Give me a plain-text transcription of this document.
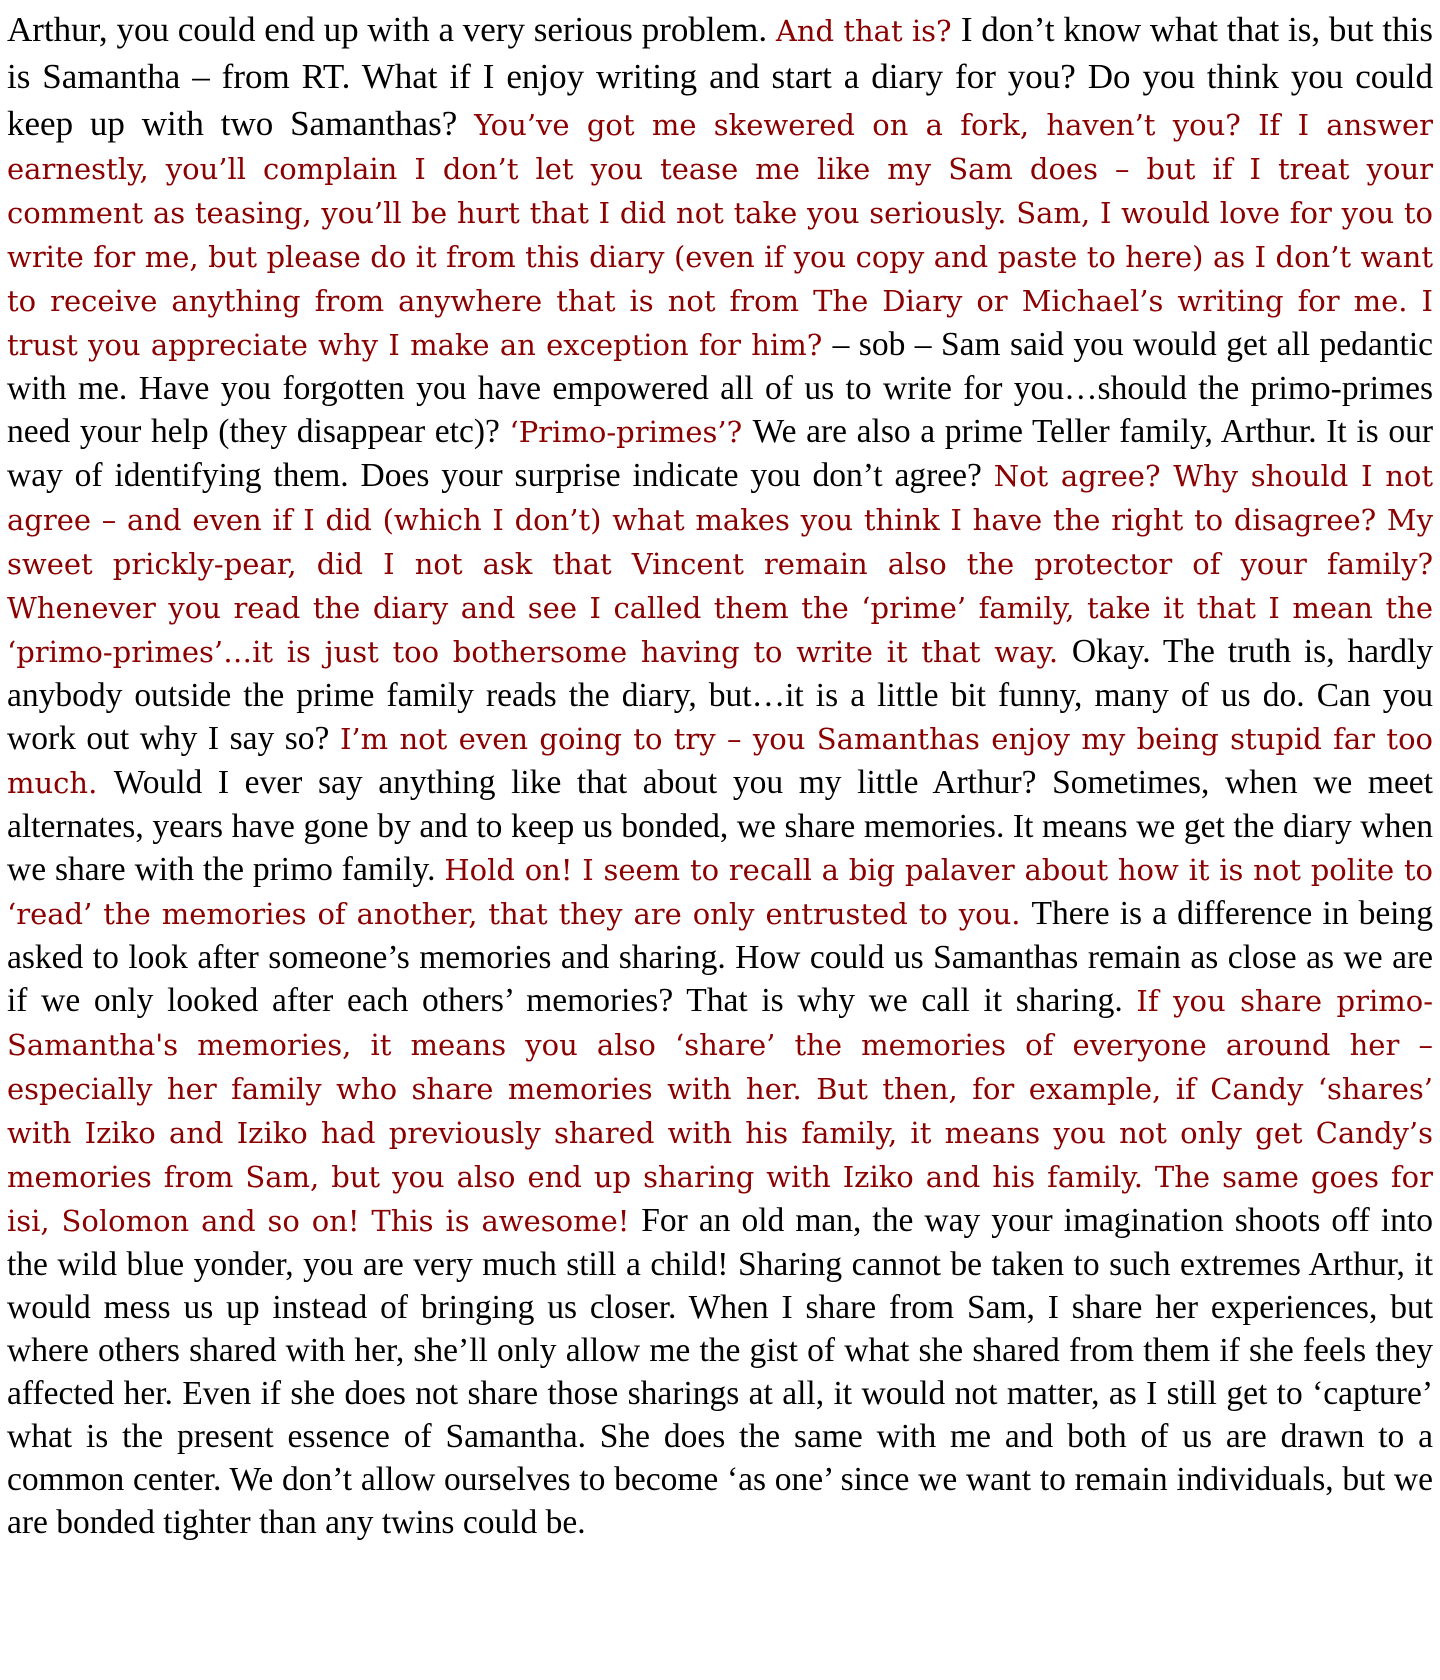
Arthur, you could end up with a very serious problem. And that is? I don’t know what that is, but this is Samantha – from RT. What if I enjoy writing and start a diary for you? Do you think you could keep up with two Samanthas? You’ve got me skewered on a fork, haven’t you? If I answer earnestly, you’ll complain I don’t let you tease me like my Sam does – but if I treat your comment as teasing, you’ll be hurt that I did not take you seriously. Sam, I would love for you to write for me, but please do it from this diary (even if you copy and paste to here) as I don’t want to receive anything from anywhere that is not from The Diary or Michael’s writing for me. I trust you appreciate why I make an exception for him? – sob – Sam said you would get all pedantic with me. Have you forgotten you have empowered all of us to write for you…should the primo-primes need your help (they disappear etc)? ‘Primo-primes’? We are also a prime Teller family, Arthur. It is our way of identifying them. Does your surprise indicate you don’t agree? Not agree? Why should I not agree – and even if I did (which I don’t) what makes you think I have the right to disagree? My sweet prickly-pear, did I not ask that Vincent remain also the protector of your family? Whenever you read the diary and see I called them the ‘prime’ family, take it that I mean the ‘primo-primes’…it is just too bothersome having to write it that way. Okay. The truth is, hardly anybody outside the prime family reads the diary, but…it is a little bit funny, many of us do. Can you work out why I say so? I’m not even going to try – you Samanthas enjoy my being stupid far too much. Would I ever say anything like that about you my little Arthur? Sometimes, when we meet alternates, years have gone by and to keep us bonded, we share memories. It means we get the diary when we share with the primo family. Hold on! I seem to recall a big palaver about how it is not polite to ‘read’ the memories of another, that they are only entrusted to you. There is a difference in being asked to look after someone’s memories and sharing. How could us Samanthas remain as close as we are if we only looked after each others’ memories? That is why we call it sharing. If you share primo-Samantha's memories, it means you also ‘share’ the memories of everyone around her – especially her family who share memories with her. But then, for example, if Candy ‘shares’ with Iziko and Iziko had previously shared with his family, it means you not only get Candy’s memories from Sam, but you also end up sharing with Iziko and his family. The same goes for isi, Solomon and so on! This is awesome! For an old man, the way your imagination shoots off into the wild blue yonder, you are very much still a child! Sharing cannot be taken to such extremes Arthur, it would mess us up instead of bringing us closer. When I share from Sam, I share her experiences, but where others shared with her, she’ll only allow me the gist of what she shared from them if she feels they affected her. Even if she does not share those sharings at all, it would not matter, as I still get to ‘capture’ what is the present essence of Samantha. She does the same with me and both of us are drawn to a common center. We don’t allow ourselves to become ‘as one’ since we want to remain individuals, but we are bonded tighter than any twins could be.
